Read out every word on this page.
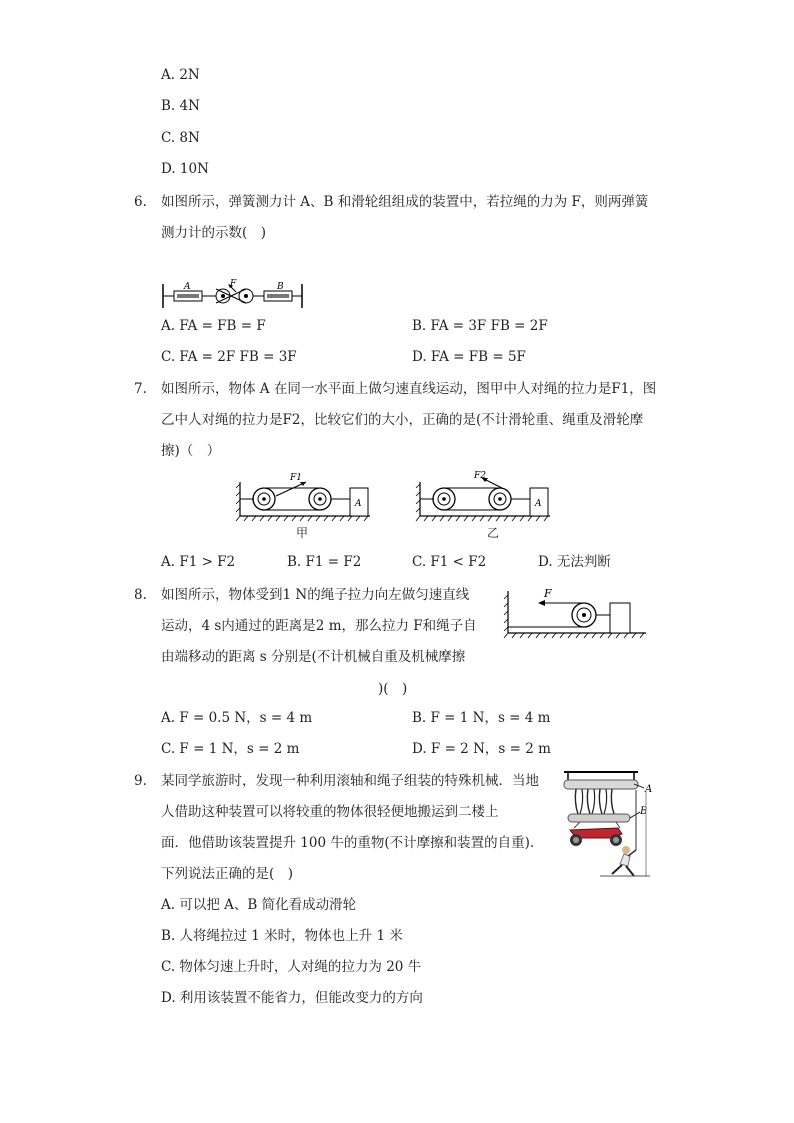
A. 2N
B. 4N
C. 8N
D. 10N
6. 如图所示，弹簧测力计 A、B 和滑轮组组成的装置中，若拉绳的力为 F，则两弹簧
测力计的示数(　)
A	F	B
A. FA = FB = F	B. FA = 3F FB = 2F
C. FA = 2F FB = 3F	D. FA = FB = 5F
7. 如图所示，物体 A 在同一水平面上做匀速直线运动，图甲中人对绳的拉力是F1，图
乙中人对绳的拉力是F2，比较它们的大小，正确的是(不计滑轮重、绳重及滑轮摩
擦)（　）
F1
A
甲
F2
A
乙
A. F1 > F2	B. F1 = F2	C. F1 < F2	D. 无法判断
8. 如图所示，物体受到1 N的绳子拉力向左做匀速直线
运动，4 s内通过的距离是2 m，那么拉力 F和绳子自
由端移动的距离 s 分别是(不计机械自重及机械摩擦
)(　)
F
A. F = 0.5 N，s = 4 m	B. F = 1 N，s = 4 m
C. F = 1 N，s = 2 m	D. F = 2 N，s = 2 m
9. 某同学旅游时，发现一种利用滚轴和绳子组装的特殊机械．当地
人借助这种装置可以将较重的物体很轻便地搬运到二楼上
面．他借助该装置提升 100 牛的重物(不计摩擦和装置的自重).
下列说法正确的是(　)
A
B
A. 可以把 A、B 简化看成动滑轮
B. 人将绳拉过 1 米时，物体也上升 1 米
C. 物体匀速上升时，人对绳的拉力为 20 牛
D. 利用该装置不能省力，但能改变力的方向
